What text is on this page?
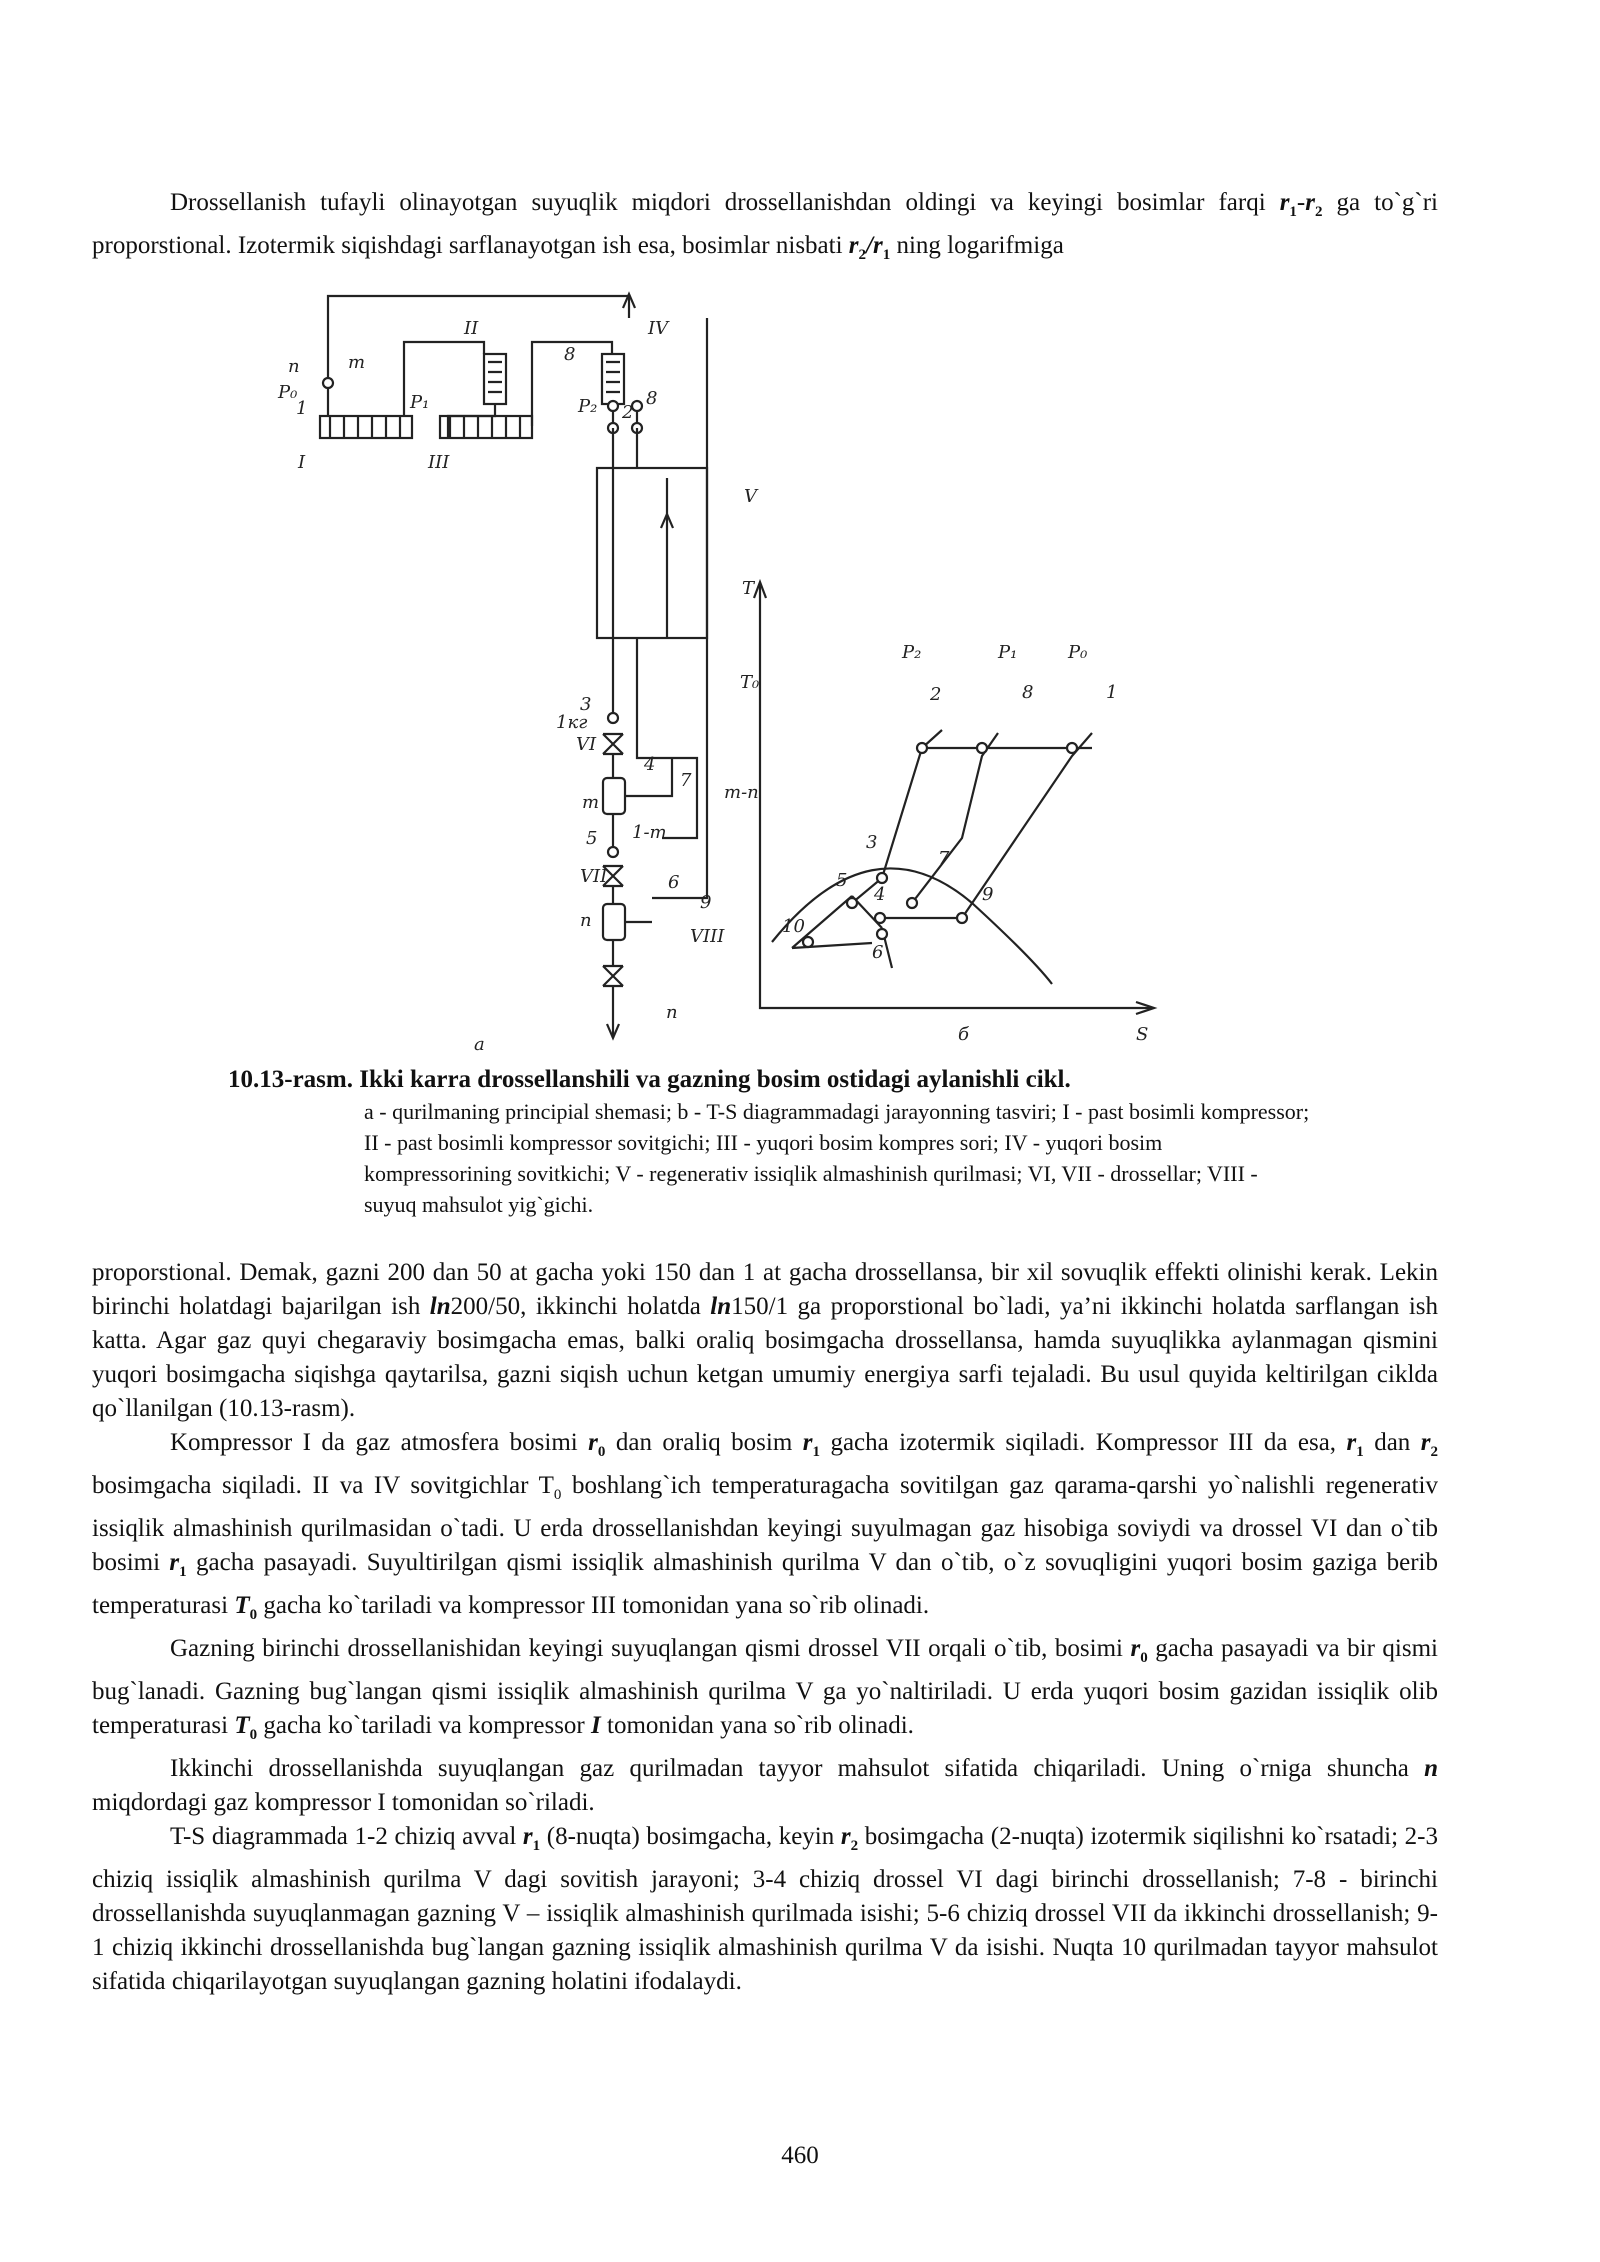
Drossellanish tufayli olinayotgan suyuqlik miqdori drossellanishdan oldingi va keyingi bosimlar farqi $r_1-r_2$ ga to`g`ri proporstional. Izotermik siqishdagi sarflanayotgan ish esa, bosimlar nisbati $r_2/r_1$ ning logarifmiga

n
P₀
1
m
II
8
IV
P₂ 2
8
P₁
I	III
V
3
1кг
VI
4
7
m-n
m
1-m
5
VII	6
9
n
VIII
n
a
T
T₀
S
б
P₂	P₁	P₀
2	8	1
3
7
5
4	9
10
6
10.13-rasm. Ikki karra drossellanshili va gazning bosim ostidagi aylanishli cikl.
a - qurilmaning principial shemasi; b - T-S diagrammadagi jarayonning tasviri; I - past bosimli kompressor; II - past bosimli kompressor sovitgichi; III - yuqori bosim kompres sori; IV - yuqori bosim kompressorining sovitkichi; V - regenerativ issiqlik almashinish qurilmasi; VI, VII - drossellar; VIII - suyuq mahsulot yig`gichi.

proporstional. Demak, gazni 200 dan 50 at gacha yoki 150 dan 1 at gacha drossellansa, bir xil sovuqlik effekti olinishi kerak. Lekin birinchi holatdagi bajarilgan ish ln200/50, ikkinchi holatda ln150/1 ga proporstional bo`ladi, ya’ni ikkinchi holatda sarflangan ish katta. Agar gaz quyi chegaraviy bosimgacha emas, balki oraliq bosimgacha drossellansa, hamda suyuqlikka aylanmagan qismini yuqori bosimgacha siqishga qaytarilsa, gazni siqish uchun ketgan umumiy energiya sarfi tejaladi. Bu usul quyida keltirilgan cikldа qo`llanilgan (10.13-rasm).

Kompressor I da gaz atmosfera bosimi $r_0$ dan oraliq bosim $r_1$ gacha izotermik siqiladi. Kompressor III da esa, $r_1$ dan $r_2$ bosimgacha siqiladi. II va IV sovitgichlar $T_0$ boshlang`ich temperaturagacha sovitilgan gaz qarama-qarshi yo`nalishli regenerativ issiqlik almashinish qurilmasidan o`tadi. U erda drossellanishdan keyingi suyulmagan gaz hisobiga soviydi va drossel VI dan o`tib bosimi $r_1$ gacha pasayadi. Suyultirilgan qismi issiqlik almashinish qurilma V dan o`tib, o`z sovuqligini yuqori bosim gaziga berib temperaturasi $T_0$ gacha ko`tariladi va kompressor III tomonidan yana so`rib olinadi.

Gazning birinchi drossellanishidan keyingi suyuqlangan qismi drossel VII orqali o`tib, bosimi $r_0$ gacha pasayadi va bir qismi bug`lanadi. Gazning bug`langan qismi issiqlik almashinish qurilma V ga yo`naltiriladi. U erda yuqori bosim gazidan issiqlik olib temperaturasi $T_0$ gacha ko`tariladi va kompressor I tomonidan yana so`rib olinadi.

Ikkinchi drossellanishda suyuqlangan gaz qurilmadan tayyor mahsulot sifatida chiqariladi. Uning o`rniga shuncha n miqdordagi gaz kompressor I tomonidan so`riladi.

T-S diagrammada 1-2 chiziq avval $r_1$ (8-nuqta) bosimgacha, keyin $r_2$ bosimgacha (2-nuqta) izotermik siqilishni ko`rsatadi; 2-3 chiziq issiqlik almashinish qurilma V dagi sovitish jarayoni; 3-4 chiziq drossel VI dagi birinchi drossellanish; 7-8 - birinchi drossellanishda suyuqlanmagan gazning V – issiqlik almashinish qurilmada isishi; 5-6 chiziq drossel VII da ikkinchi drossellanish; 9-1 chiziq ikkinchi drossellanishda bug`langan gazning issiqlik almashinish qurilma V da isishi. Nuqta 10 qurilmadan tayyor mahsulot sifatida chiqarilayotgan suyuqlangan gazning holatini ifodalaydi.

460
